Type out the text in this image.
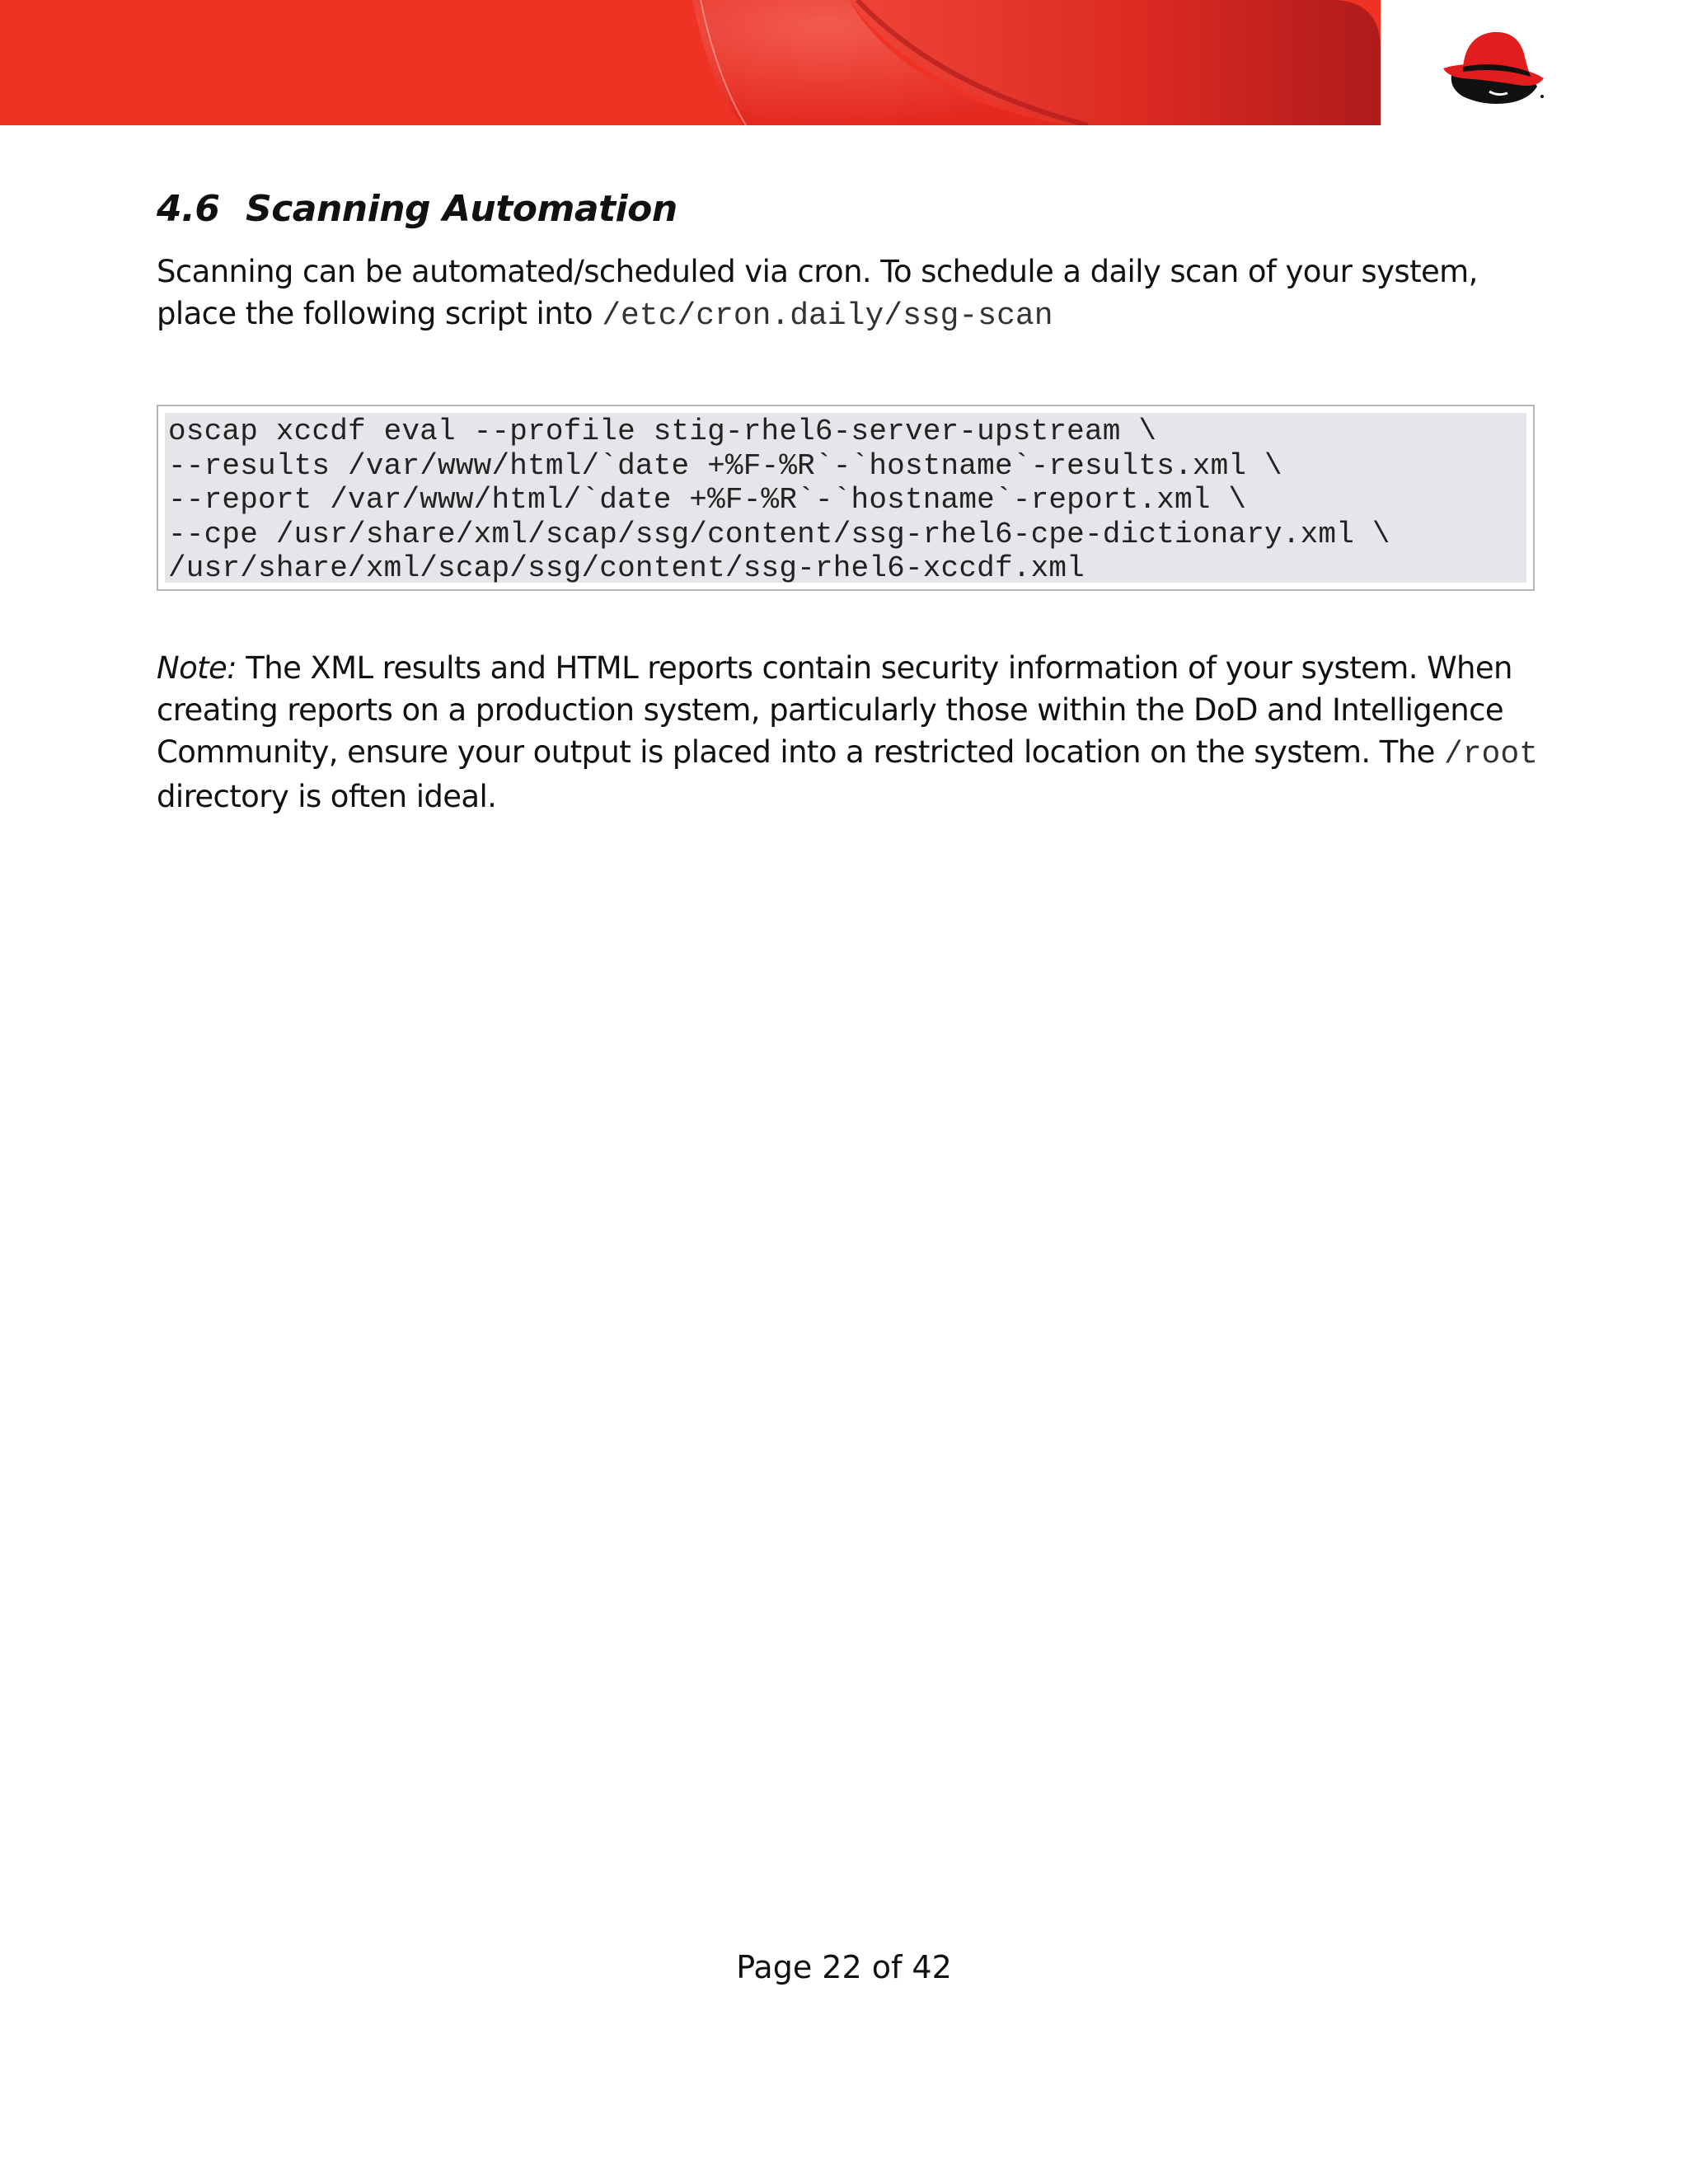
4.6 Scanning Automation

Scanning can be automated/scheduled via cron. To schedule a daily scan of your system, place the following script into /etc/cron.daily/ssg-scan

oscap xccdf eval --profile stig-rhel6-server-upstream \
--results /var/www/html/`date +%F-%R`-`hostname`-results.xml \
--report /var/www/html/`date +%F-%R`-`hostname`-report.xml \
--cpe /usr/share/xml/scap/ssg/content/ssg-rhel6-cpe-dictionary.xml \
/usr/share/xml/scap/ssg/content/ssg-rhel6-xccdf.xml

Note: The XML results and HTML reports contain security information of your system. When creating reports on a production system, particularly those within the DoD and Intelligence Community, ensure your output is placed into a restricted location on the system. The /root directory is often ideal.

Page 22 of 42
